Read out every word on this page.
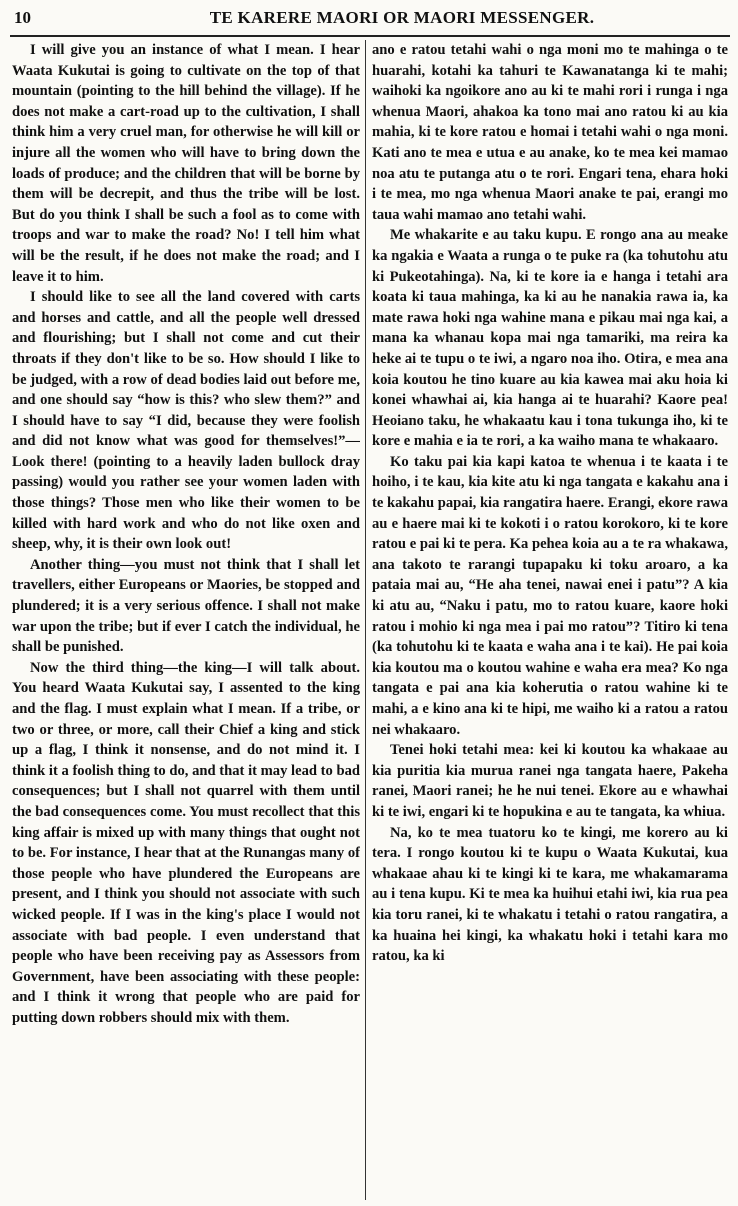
10	TE KARERE MAORI OR MAORI MESSENGER.

I will give you an instance of what I mean. I hear Waata Kukutai is going to cultivate on the top of that mountain (pointing to the hill behind the village). If he does not make a cart-road up to the cultivation, I shall think him a very cruel man, for otherwise he will kill or injure all the women who will have to bring down the loads of produce; and the children that will be borne by them will be decrepit, and thus the tribe will be lost. But do you think I shall be such a fool as to come with troops and war to make the road? No! I tell him what will be the result, if he does not make the road; and I leave it to him.

I should like to see all the land covered with carts and horses and cattle, and all the people well dressed and flourishing; but I shall not come and cut their throats if they don't like to be so. How should I like to be judged, with a row of dead bodies laid out before me, and one should say “how is this? who slew them?” and I should have to say “I did, because they were foolish and did not know what was good for themselves!”—Look there! (pointing to a heavily laden bullock dray passing) would you rather see your women laden with those things? Those men who like their women to be killed with hard work and who do not like oxen and sheep, why, it is their own look out!

Another thing—you must not think that I shall let travellers, either Europeans or Maories, be stopped and plundered; it is a very serious offence. I shall not make war upon the tribe; but if ever I catch the individual, he shall be punished.

Now the third thing—the king—I will talk about. You heard Waata Kukutai say, I assented to the king and the flag. I must explain what I mean. If a tribe, or two or three, or more, call their Chief a king and stick up a flag, I think it nonsense, and do not mind it. I think it a foolish thing to do, and that it may lead to bad consequences; but I shall not quarrel with them until the bad consequences come. You must recollect that this king affair is mixed up with many things that ought not to be. For instance, I hear that at the Runangas many of those people who have plundered the Europeans are present, and I think you should not associate with such wicked people. If I was in the king's place I would not associate with bad people. I even understand that people who have been receiving pay as Assessors from Government, have been associating with these people: and I think it wrong that people who are paid for putting down robbers should mix with them.

ano e ratou tetahi wahi o nga moni mo te mahinga o te huarahi, kotahi ka tahuri te Kawanatanga ki te mahi; waihoki ka ngoikore ano au ki te mahi rori i runga i nga whenua Maori, ahakoa ka tono mai ano ratou ki au kia mahia, ki te kore ratou e homai i tetahi wahi o nga moni. Kati ano te mea e utua e au anake, ko te mea kei mamao noa atu te putanga atu o te rori. Engari tena, ehara hoki i te mea, mo nga whenua Maori anake te pai, erangi mo taua wahi mamao ano tetahi wahi.

Me whakarite e au taku kupu. E rongo ana au meake ka ngakia e Waata a runga o te puke ra (ka tohutohu atu ki Pukeotahinga). Na, ki te kore ia e hanga i tetahi ara koata ki taua mahinga, ka ki au he nanakia rawa ia, ka mate rawa hoki nga wahine mana e pikau mai nga kai, a mana ka whanau kopa mai nga tamariki, ma reira ka heke ai te tupu o te iwi, a ngaro noa iho. Otira, e mea ana koia koutou he tino kuare au kia kawea mai aku hoia ki konei whawhai ai, kia hanga ai te huarahi? Kaore pea! Heoiano taku, he whakaatu kau i tona tukunga iho, ki te kore e mahia e ia te rori, a ka waiho mana te whakaaro.

Ko taku pai kia kapi katoa te whenua i te kaata i te hoiho, i te kau, kia kite atu ki nga tangata e kakahu ana i te kakahu papai, kia rangatira haere. Erangi, ekore rawa au e haere mai ki te kokoti i o ratou korokoro, ki te kore ratou e pai ki te pera. Ka pehea koia au a te ra whakawa, ana takoto te rarangi tupapaku ki toku aroaro, a ka pataia mai au, “He aha tenei, nawai enei i patu”? A kia ki atu au, “Naku i patu, mo to ratou kuare, kaore hoki ratou i mohio ki nga mea i pai mo ratou”? Titiro ki tena (ka tohutohu ki te kaata e waha ana i te kai). He pai koia kia koutou ma o koutou wahine e waha era mea? Ko nga tangata e pai ana kia koherutia o ratou wahine ki te mahi, a e kino ana ki te hipi, me waiho ki a ratou a ratou nei whakaaro.

Tenei hoki tetahi mea: kei ki koutou ka whakaae au kia puritia kia murua ranei nga tangata haere, Pakeha ranei, Maori ranei; he he nui tenei. Ekore au e whawhai ki te iwi, engari ki te hopukina e au te tangata, ka whiua.

Na, ko te mea tuatoru ko te kingi, me korero au ki tera. I rongo koutou ki te kupu o Waata Kukutai, kua whakaae ahau ki te kingi ki te kara, me whakamarama au i tena kupu. Ki te mea ka huihui etahi iwi, kia rua pea kia toru ranei, ki te whakatu i tetahi o ratou rangatira, a ka huaina hei kingi, ka whakatu hoki i tetahi kara mo ratou, ka ki
